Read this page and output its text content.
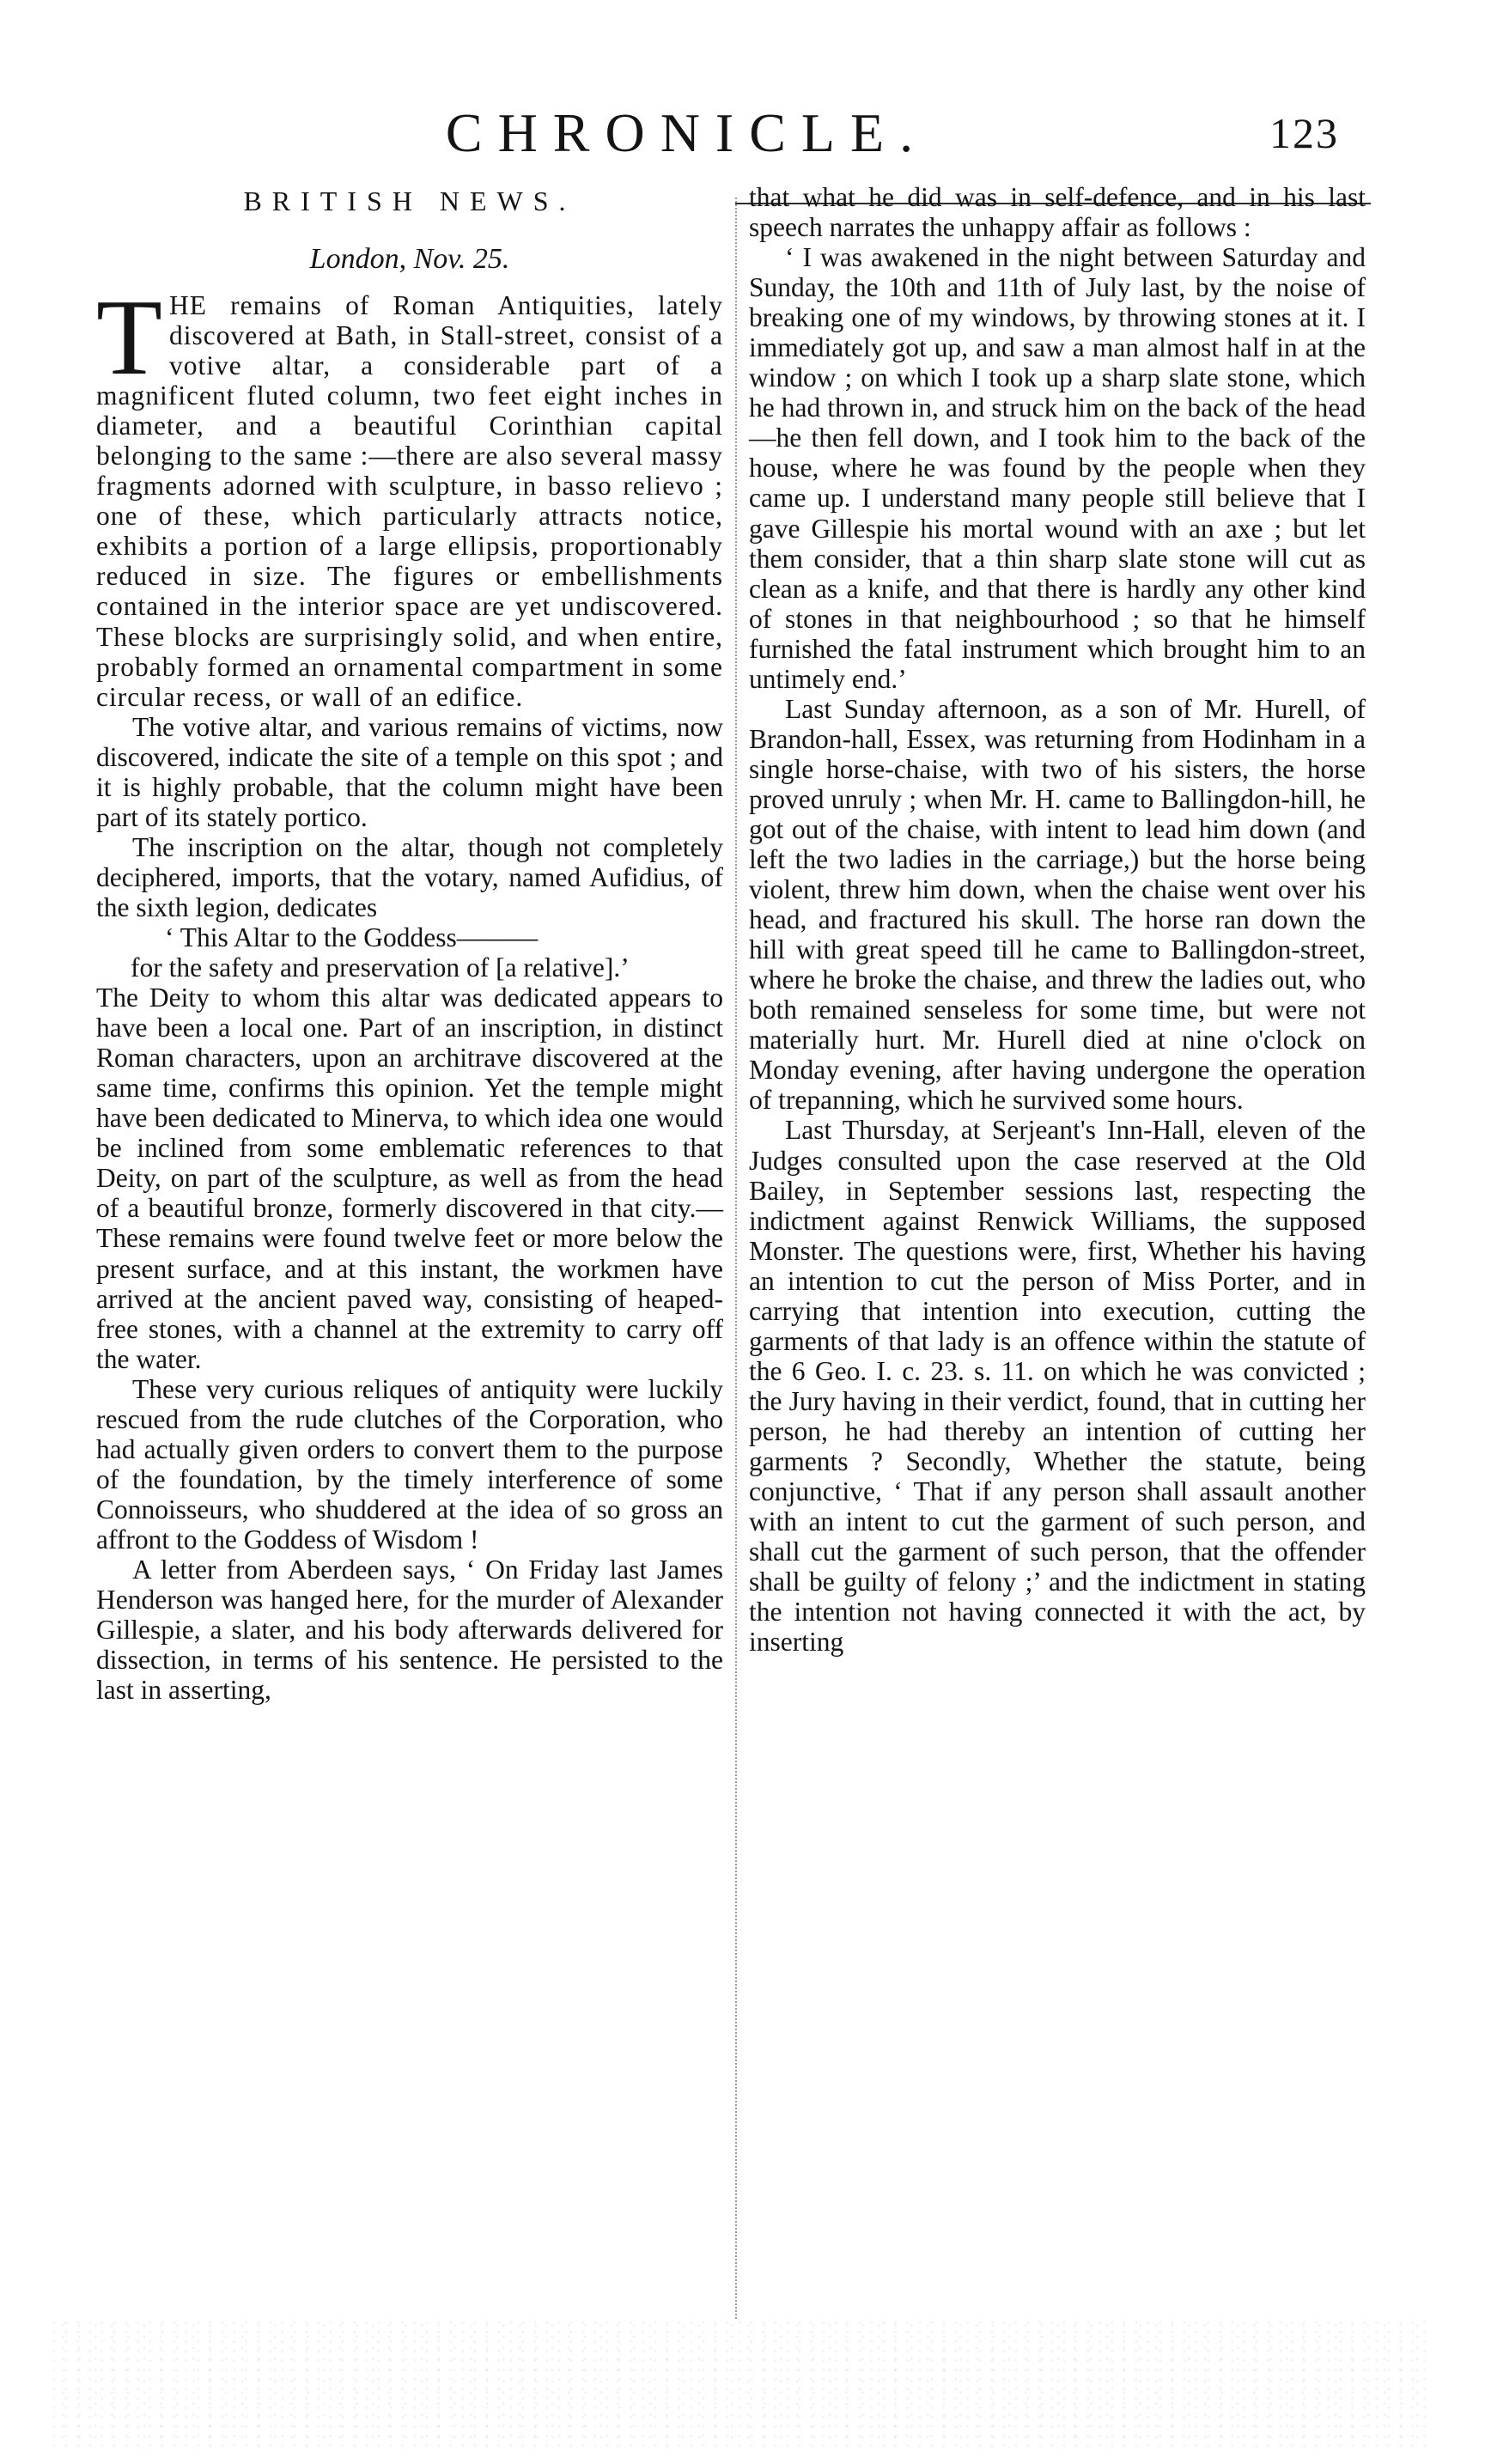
CHRONICLE.	123
BRITISH NEWS.
London, Nov. 25.

THE remains of Roman Antiquities, lately discovered at Bath, in Stall-street, consist of a votive altar, a considerable part of a magnificent fluted column, two feet eight inches in diameter, and a beautiful Corinthian capital belonging to the same :—there are also several massy fragments adorned with sculpture, in basso relievo ; one of these, which particularly attracts notice, exhibits a portion of a large ellipsis, proportionably reduced in size. The figures or embellishments contained in the interior space are yet undiscovered. These blocks are surprisingly solid, and when entire, probably formed an ornamental compartment in some circular recess, or wall of an edifice.

The votive altar, and various remains of victims, now discovered, indicate the site of a temple on this spot ; and it is highly probable, that the column might have been part of its stately portico.

The inscription on the altar, though not completely deciphered, imports, that the votary, named Aufidius, of the sixth legion, dedicates

‘ This Altar to the Goddess———

for the safety and preservation of [a relative].’

The Deity to whom this altar was dedicated appears to have been a local one. Part of an inscription, in distinct Roman characters, upon an architrave discovered at the same time, confirms this opinion. Yet the temple might have been dedicated to Minerva, to which idea one would be inclined from some emblematic references to that Deity, on part of the sculpture, as well as from the head of a beautiful bronze, formerly discovered in that city.— These remains were found twelve feet or more below the present surface, and at this instant, the workmen have arrived at the ancient paved way, consisting of heaped-free stones, with a channel at the extremity to carry off the water.

These very curious reliques of antiquity were luckily rescued from the rude clutches of the Corporation, who had actually given orders to convert them to the purpose of the foundation, by the timely interference of some Connoisseurs, who shuddered at the idea of so gross an affront to the Goddess of Wisdom !

A letter from Aberdeen says, ‘ On Friday last James Henderson was hanged here, for the murder of Alexander Gillespie, a slater, and his body afterwards delivered for dissection, in terms of his sentence. He persisted to the last in asserting,

that what he did was in self-defence, and in his last speech narrates the unhappy affair as follows :

‘ I was awakened in the night between Saturday and Sunday, the 10th and 11th of July last, by the noise of breaking one of my windows, by throwing stones at it. I immediately got up, and saw a man almost half in at the window ; on which I took up a sharp slate stone, which he had thrown in, and struck him on the back of the head—he then fell down, and I took him to the back of the house, where he was found by the people when they came up. I understand many people still believe that I gave Gillespie his mortal wound with an axe ; but let them consider, that a thin sharp slate stone will cut as clean as a knife, and that there is hardly any other kind of stones in that neighbourhood ; so that he himself furnished the fatal instrument which brought him to an untimely end.’

Last Sunday afternoon, as a son of Mr. Hurell, of Brandon-hall, Essex, was returning from Hodinham in a single horse-chaise, with two of his sisters, the horse proved unruly ; when Mr. H. came to Ballingdon-hill, he got out of the chaise, with intent to lead him down (and left the two ladies in the carriage,) but the horse being violent, threw him down, when the chaise went over his head, and fractured his skull. The horse ran down the hill with great speed till he came to Ballingdon-street, where he broke the chaise, and threw the ladies out, who both remained senseless for some time, but were not materially hurt. Mr. Hurell died at nine o'clock on Monday evening, after having undergone the operation of trepanning, which he survived some hours.

Last Thursday, at Serjeant's Inn-Hall, eleven of the Judges consulted upon the case reserved at the Old Bailey, in September sessions last, respecting the indictment against Renwick Williams, the supposed Monster. The questions were, first, Whether his having an intention to cut the person of Miss Porter, and in carrying that intention into execution, cutting the garments of that lady is an offence within the statute of the 6 Geo. I. c. 23. s. 11. on which he was convicted ; the Jury having in their verdict, found, that in cutting her person, he had thereby an intention of cutting her garments ? Secondly, Whether the statute, being conjunctive, ‘ That if any person shall assault another with an intent to cut the garment of such person, and shall cut the garment of such person, that the offender shall be guilty of felony ;’ and the indictment in stating the intention not having connected it with the act, by inserting
